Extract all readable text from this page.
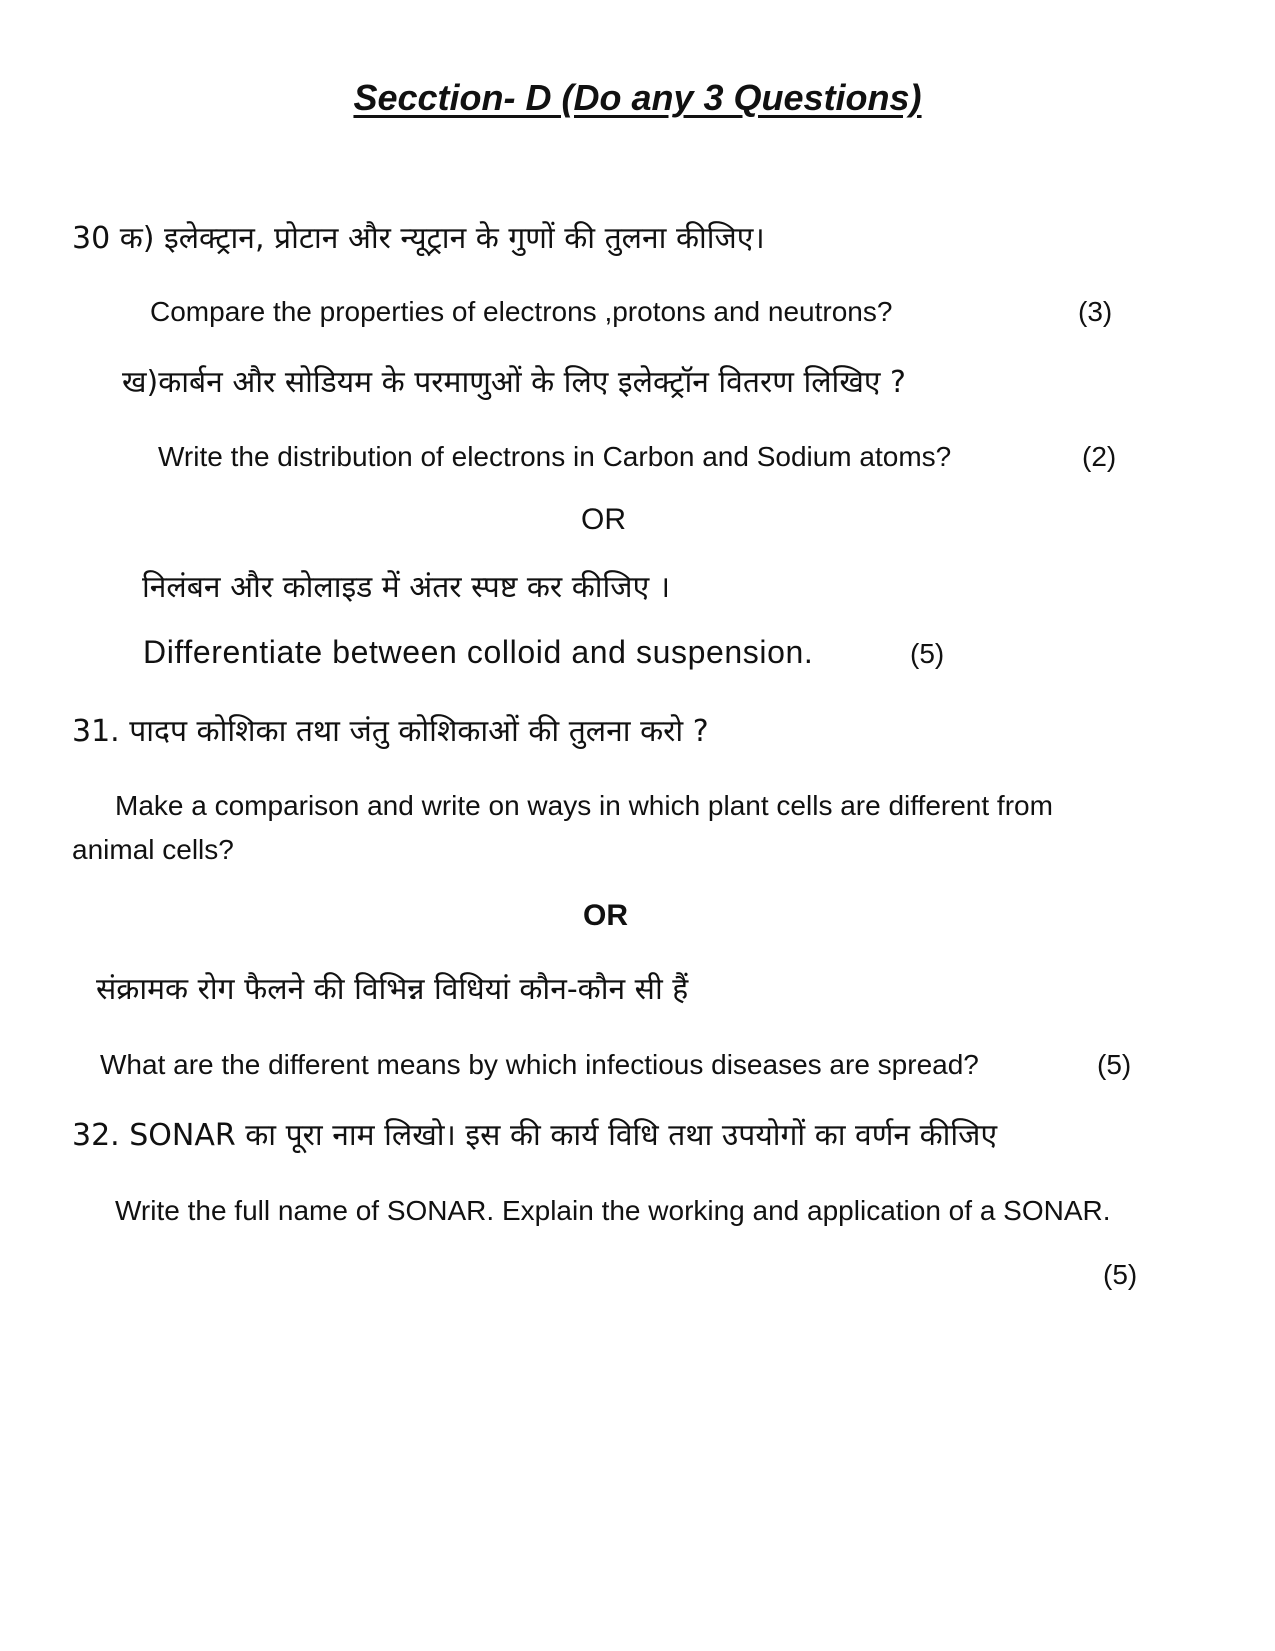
Secction- D (Do any 3 Questions)
30 क) इलेक्ट्रान, प्रोटान और न्यूट्रान के गुणों की तुलना कीजिए।
Compare the properties of electrons ,protons and neutrons?	(3)
ख)कार्बन और सोडियम के परमाणुओं के लिए इलेक्ट्रॉन वितरण लिखिए ?
Write the distribution of electrons in Carbon and Sodium atoms?	(2)
OR
निलंबन और कोलाइड में अंतर स्पष्ट कर कीजिए ।
Differentiate between colloid and suspension.	(5)
31. पादप कोशिका तथा जंतु कोशिकाओं की तुलना करो ?
Make a comparison and write on ways in which plant cells are different from
animal cells?
OR
संक्रामक रोग फैलने की विभिन्न विधियां कौन-कौन सी हैं
What are the different means by which infectious diseases are spread?	(5)
32. SONAR का पूरा नाम लिखो। इस की कार्य विधि तथा उपयोगों का वर्णन कीजिए
Write the full name of SONAR. Explain the working and application of a SONAR.
(5)
